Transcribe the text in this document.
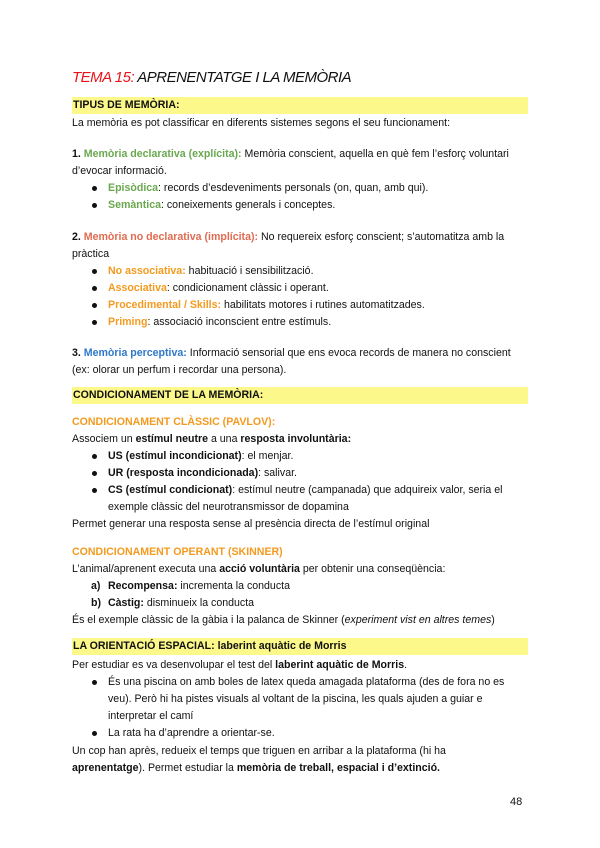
TEMA 15: APRENENTATGE I LA MEMÒRIA
TIPUS DE MEMÒRIA:
La memòria es pot classificar en diferents sistemes segons el seu funcionament:
1. Memòria declarativa (explícita): Memòria conscient, aquella en què fem l’esforç voluntari
d’evocar informació.
Episòdica: records d’esdeveniments personals (on, quan, amb qui).
Semàntica: coneixements generals i conceptes.
2. Memòria no declarativa (implícita): No requereix esforç conscient; s’automatitza amb la
pràctica
No associativa: habituació i sensibilització.
Associativa: condicionament clàssic i operant.
Procedimental / Skills: habilitats motores i rutines automatitzades.
Priming: associació inconscient entre estímuls.
3. Memòria perceptiva: Informació sensorial que ens evoca records de manera no conscient
(ex: olorar un perfum i recordar una persona).
CONDICIONAMENT DE LA MEMÒRIA:
CONDICIONAMENT CLÀSSIC (PAVLOV):
Associem un estímul neutre a una resposta involuntària:
US (estímul incondicionat): el menjar.
UR (resposta incondicionada): salivar.
CS (estímul condicionat): estímul neutre (campanada) que adquireix valor, seria el
exemple clàssic del neurotransmissor de dopamina
Permet generar una resposta sense al presència directa de l’estímul original
CONDICIONAMENT OPERANT (SKINNER)
L’animal/aprenent executa una acció voluntària per obtenir una conseqüència:
a) Recompensa: incrementa la conducta
b) Càstig: disminueix la conducta
És el exemple clàssic de la gàbia i la palanca de Skinner (experiment vist en altres temes)
LA ORIENTACIÓ ESPACIAL: laberint aquàtic de Morris
Per estudiar es va desenvolupar el test del laberint aquàtic de Morris.
És una piscina on amb boles de latex queda amagada plataforma (des de fora no es
veu). Però hi ha pistes visuals al voltant de la piscina, les quals ajuden a guiar e
interpretar el camí
La rata ha d’aprendre a orientar-se.
Un cop han après, redueix el temps que triguen en arribar a la plataforma (hi ha
aprenentatge). Permet estudiar la memòria de treball, espacial i d’extinció.
48
